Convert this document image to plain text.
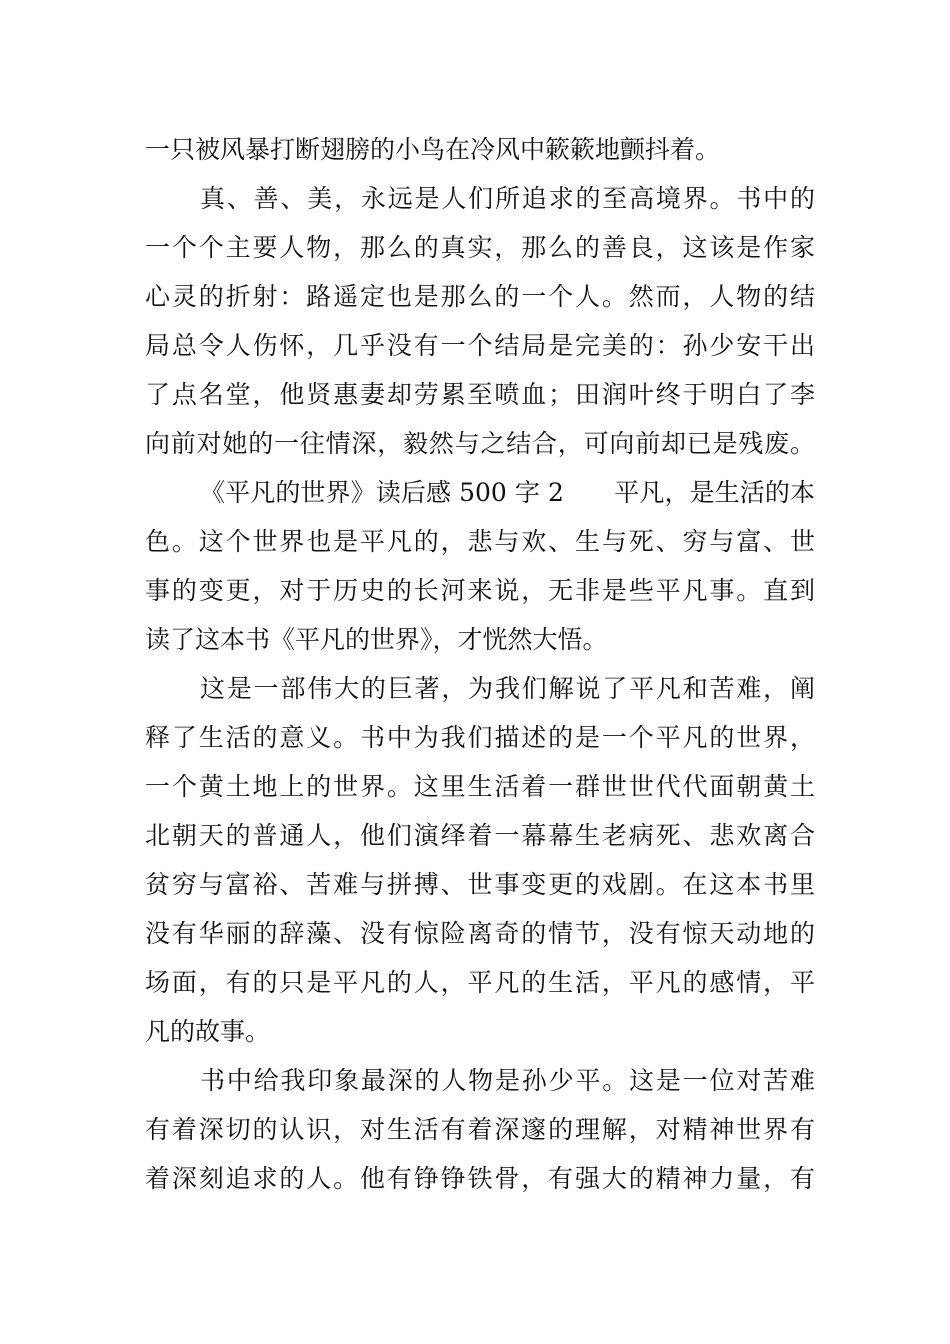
一只被风暴打断翅膀的小鸟在冷风中簌簌地颤抖着。
真、善、美，永远是人们所追求的至高境界。书中的
一个个主要人物，那么的真实，那么的善良，这该是作家
心灵的折射：路遥定也是那么的一个人。然而，人物的结
局总令人伤怀，几乎没有一个结局是完美的：孙少安干出
了点名堂，他贤惠妻却劳累至喷血；田润叶终于明白了李
向前对她的一往情深，毅然与之结合，可向前却已是残废。
《平凡的世界》读后感 500 字 2　　平凡，是生活的本
色。这个世界也是平凡的，悲与欢、生与死、穷与富、世
事的变更，对于历史的长河来说，无非是些平凡事。直到
读了这本书《平凡的世界》，才恍然大悟。
这是一部伟大的巨著，为我们解说了平凡和苦难，阐
释了生活的意义。书中为我们描述的是一个平凡的世界，
一个黄土地上的世界。这里生活着一群世世代代面朝黄土
北朝天的普通人，他们演绎着一幕幕生老病死、悲欢离合
贫穷与富裕、苦难与拼搏、世事变更的戏剧。在这本书里
没有华丽的辞藻、没有惊险离奇的情节，没有惊天动地的
场面，有的只是平凡的人，平凡的生活，平凡的感情，平
凡的故事。
书中给我印象最深的人物是孙少平。这是一位对苦难
有着深切的认识，对生活有着深邃的理解，对精神世界有
着深刻追求的人。他有铮铮铁骨，有强大的精神力量，有
